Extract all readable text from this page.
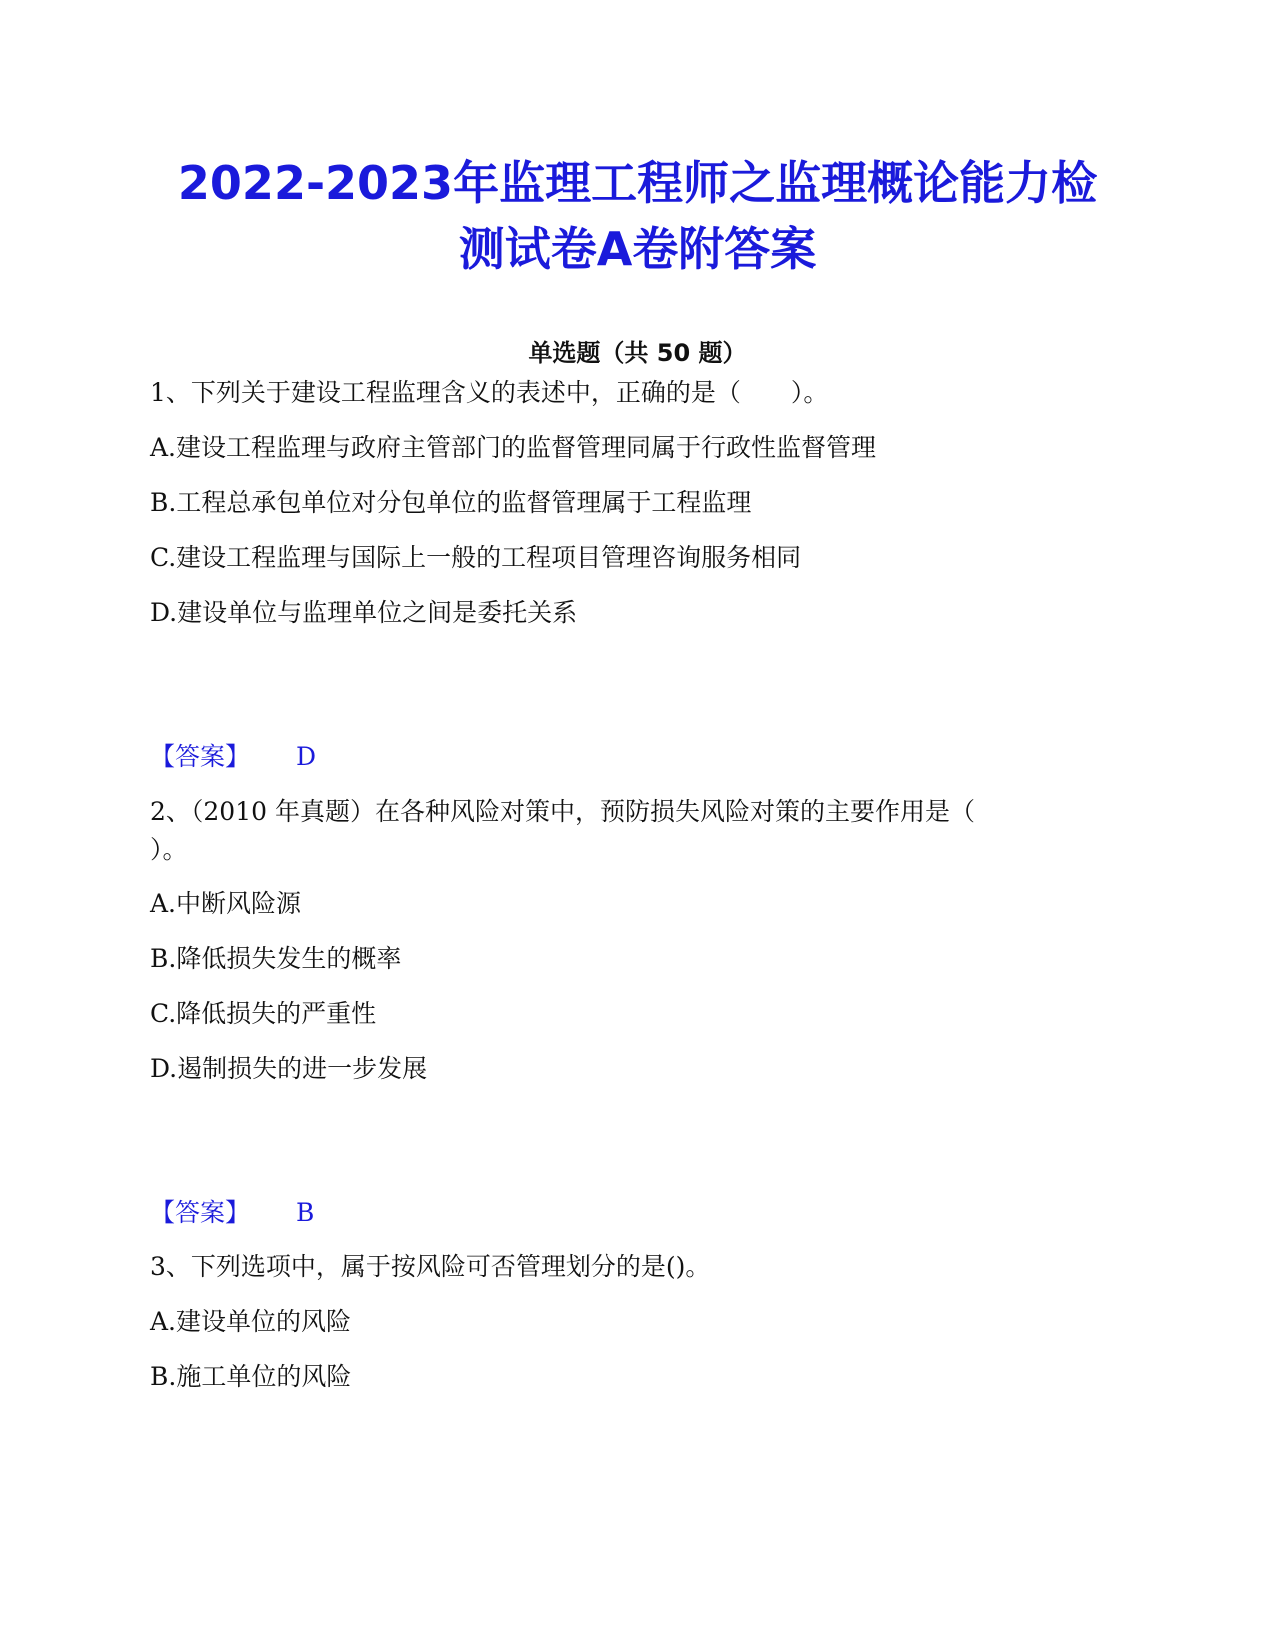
2022-2023年监理工程师之监理概论能力检
测试卷A卷附答案
单选题（共 50 题）
1、下列关于建设工程监理含义的表述中，正确的是（　　）。
A.建设工程监理与政府主管部门的监督管理同属于行政性监督管理
B.工程总承包单位对分包单位的监督管理属于工程监理
C.建设工程监理与国际上一般的工程项目管理咨询服务相同
D.建设单位与监理单位之间是委托关系
【答案】 D
2、（2010 年真题）在各种风险对策中，预防损失风险对策的主要作用是（
）。
A.中断风险源
B.降低损失发生的概率
C.降低损失的严重性
D.遏制损失的进一步发展
【答案】 B
3、下列选项中，属于按风险可否管理划分的是()。
A.建设单位的风险
B.施工单位的风险
